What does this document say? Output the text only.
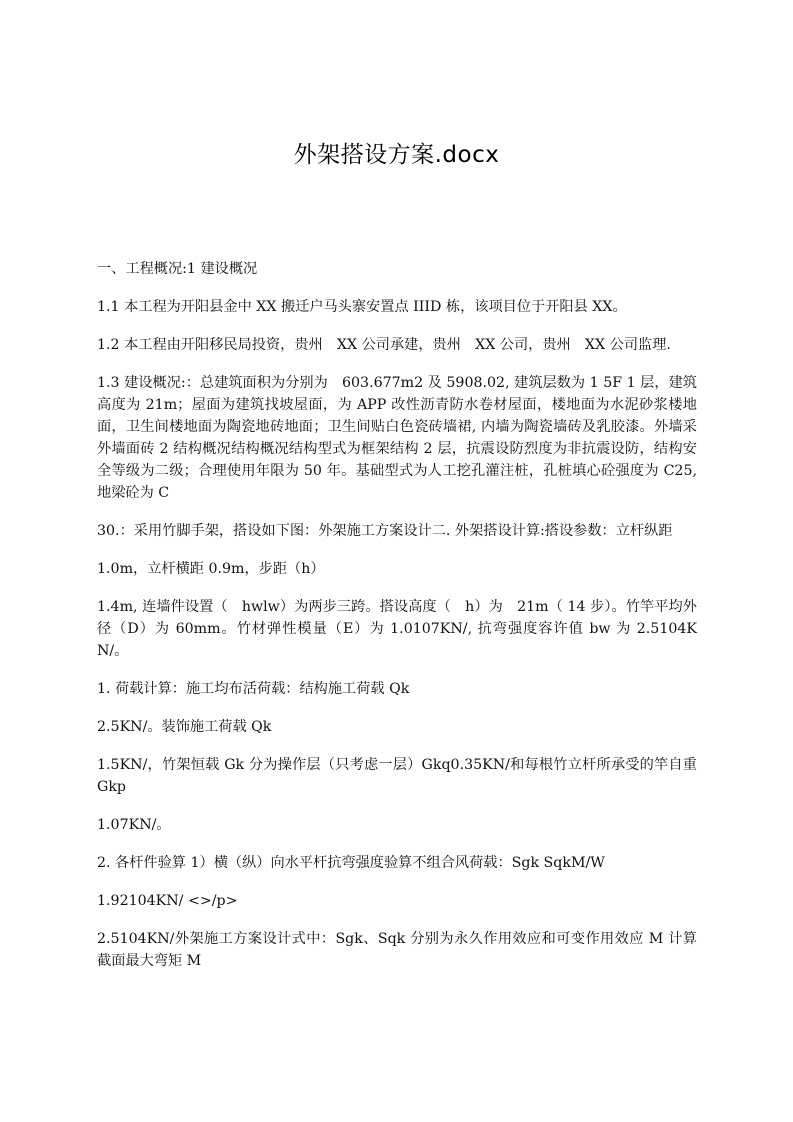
外架搭设方案.docx

一、工程概况:1 建设概况

1.1 本工程为开阳县金中 XX 搬迁户马头寨安置点 IIID 栋，该项目位于开阳县 XX。

1.2 本工程由开阳移民局投资，贵州　XX 公司承建，贵州　XX 公司，贵州　XX 公司监理.

1.3 建设概况:：总建筑面积为分别为　603.677m2 及 5908.02, 建筑层数为 1 5F 1 层，建筑高度为 21m；屋面为建筑找坡屋面，为 APP 改性沥青防水卷材屋面，楼地面为水泥砂浆楼地面，卫生间楼地面为陶瓷地砖地面；卫生间贴白色瓷砖墙裙, 内墙为陶瓷墙砖及乳胶漆。外墙采外墙面砖 2 结构概况结构概况结构型式为框架结构 2 层，抗震设防烈度为非抗震设防，结构安全等级为二级；合理使用年限为 50 年。基础型式为人工挖孔灌注桩，孔桩填心砼强度为 C25, 地梁砼为 C

30.：采用竹脚手架，搭设如下图：外架施工方案设计二. 外架搭设计算:搭设参数：立杆纵距

1.0m，立杆横距 0.9m，步距（h）

1.4m, 连墙件设置（　hwlw）为两步三跨。搭设高度（　h）为　21m（ 14 步）。竹竿平均外径（D）为 60mm。竹材弹性模量（E）为 1.0107KN/, 抗弯强度容许值 bw 为 2.5104KN/。

1. 荷载计算：施工均布活荷载：结构施工荷载 Qk

2.5KN/。装饰施工荷载 Qk

1.5KN/，竹架恒载 Gk 分为操作层（只考虑一层）Gkq0.35KN/和每根竹立杆所承受的竿自重 Gkp

1.07KN/。

2. 各杆件验算 1）横（纵）向水平杆抗弯强度验算不组合风荷载：Sgk SqkM/W

1.92104KN/ <>/p>

2.5104KN/外架施工方案设计式中：Sgk、Sqk 分别为永久作用效应和可变作用效应 M 计算截面最大弯矩 M
